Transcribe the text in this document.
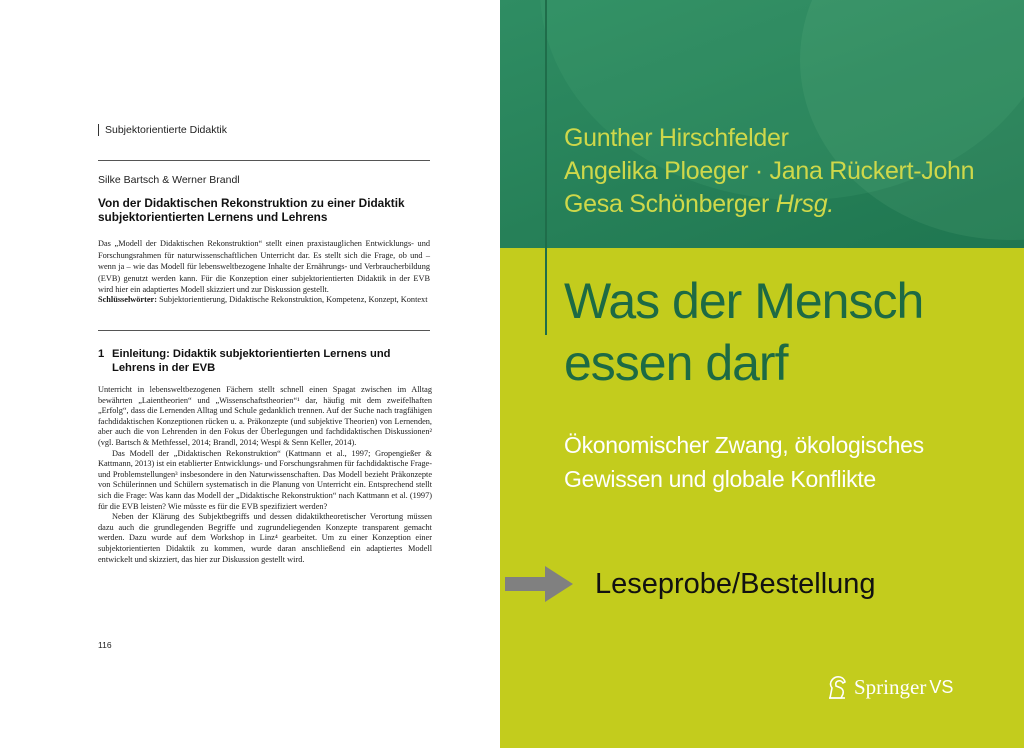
Subjektorientierte Didaktik
Silke Bartsch & Werner Brandl
Von der Didaktischen Rekonstruktion zu einer Didaktik subjektorientierten Lernens und Lehrens
Das „Modell der Didaktischen Rekonstruktion“ stellt einen praxistauglichen Entwicklungs- und Forschungsrahmen für naturwissenschaftlichen Unterricht dar. Es stellt sich die Frage, ob und – wenn ja – wie das Modell für lebensweltbezogene Inhalte der Ernährungs- und Verbraucherbildung (EVB) genutzt werden kann. Für die Konzeption einer subjektorientierten Didaktik in der EVB wird hier ein adaptiertes Modell skizziert und zur Diskussion gestellt.
Schlüsselwörter: Subjektorientierung, Didaktische Rekonstruktion, Kompetenz, Konzept, Kontext
1 Einleitung: Didaktik subjektorientierten Lernens und
Lehrens in der EVB

Unterricht in lebensweltbezogenen Fächern stellt schnell einen Spagat zwischen im Alltag bewährten „Laientheorien“ und „Wissenschaftstheorien“¹ dar, häufig mit dem zweifelhaften „Erfolg“, dass die Lernenden Alltag und Schule gedanklich trennen. Auf der Suche nach tragfähigen fachdidaktischen Konzeptionen rücken u. a. Präkonzepte (und subjektive Theorien) von Lernenden, aber auch die von Lehrenden in den Fokus der Überlegungen und fachdidaktischen Diskussionen² (vgl. Bartsch & Methfessel, 2014; Brandl, 2014; Wespi & Senn Keller, 2014).

Das Modell der „Didaktischen Rekonstruktion“ (Kattmann et al., 1997; Gropengießer & Kattmann, 2013) ist ein etablierter Entwicklungs- und Forschungsrahmen für fachdidaktische Frage- und Problemstellungen³ insbesondere in den Naturwissenschaften. Das Modell bezieht Präkonzepte von Schülerinnen und Schülern systematisch in die Planung von Unterricht ein. Entsprechend stellt sich die Frage: Was kann das Modell der „Didaktische Rekonstruktion“ nach Kattmann et al. (1997) für die EVB leisten? Wie müsste es für die EVB spezifiziert werden?

Neben der Klärung des Subjektbegriffs und dessen didaktiktheoretischer Verortung müssen dazu auch die grundlegenden Begriffe und zugrundeliegenden Konzepte transparent gemacht werden. Dazu wurde auf dem Workshop in Linz⁴ gearbeitet. Um zu einer Konzeption einer subjektorientierten Didaktik zu kommen, wurde daran anschließend ein adaptiertes Modell entwickelt und skizziert, das hier zur Diskussion gestellt wird.

116
Gunther Hirschfelder
Angelika Ploeger · Jana Rückert-John
Gesa Schönberger Hrsg.
Was der Mensch
essen darf
Ökonomischer Zwang, ökologisches
Gewissen und globale Konflikte
Leseprobe/Bestellung
Springer VS
